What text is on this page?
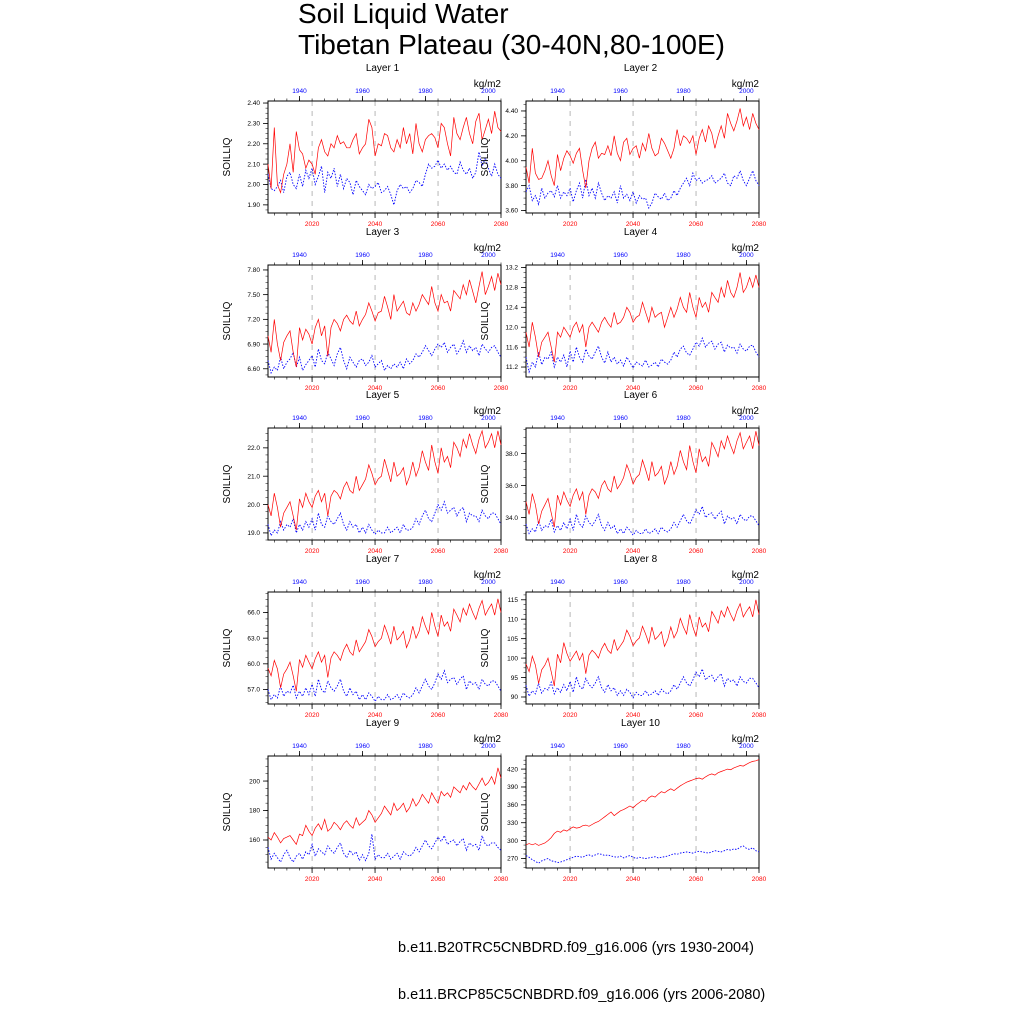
Soil Liquid Water
Tibetan Plateau (30-40N,80-100E)
Layer 1
kg/m2
1940	1960	1980	2000
2020	2040	2060	2080
1.90
2.00
2.10
2.20
2.30
2.40
SOILLIQ
Layer 2
kg/m2
1940	1960	1980	2000
2020	2040	2060	2080
3.60
3.80
4.00
4.20
4.40
SOILLIQ
Layer 3
kg/m2
1940	1960	1980	2000
2020	2040	2060	2080
6.60
6.90
7.20
7.50
7.80
SOILLIQ
Layer 4
kg/m2
1940	1960	1980	2000
2020	2040	2060	2080
11.2
11.6
12.0
12.4
12.8
13.2
SOILLIQ
Layer 5
kg/m2
1940	1960	1980	2000
2020	2040	2060	2080
19.0
20.0
21.0
22.0
SOILLIQ
Layer 6
kg/m2
1940	1960	1980	2000
2020	2040	2060	2080
34.0
36.0
38.0
SOILLIQ
Layer 7
kg/m2
1940	1960	1980	2000
2020	2040	2060	2080
57.0
60.0
63.0
66.0
SOILLIQ
Layer 8
kg/m2
1940	1960	1980	2000
2020	2040	2060	2080
90
95
100
105
110
115
SOILLIQ
Layer 9
kg/m2
1940	1960	1980	2000
2020	2040	2060	2080
160
180
200
SOILLIQ
Layer 10
kg/m2
1940	1960	1980	2000
2020	2040	2060	2080
270
300
330
360
390
420
SOILLIQ
b.e11.B20TRC5CNBDRD.f09_g16.006 (yrs 1930-2004)
b.e11.BRCP85C5CNBDRD.f09_g16.006 (yrs 2006-2080)
